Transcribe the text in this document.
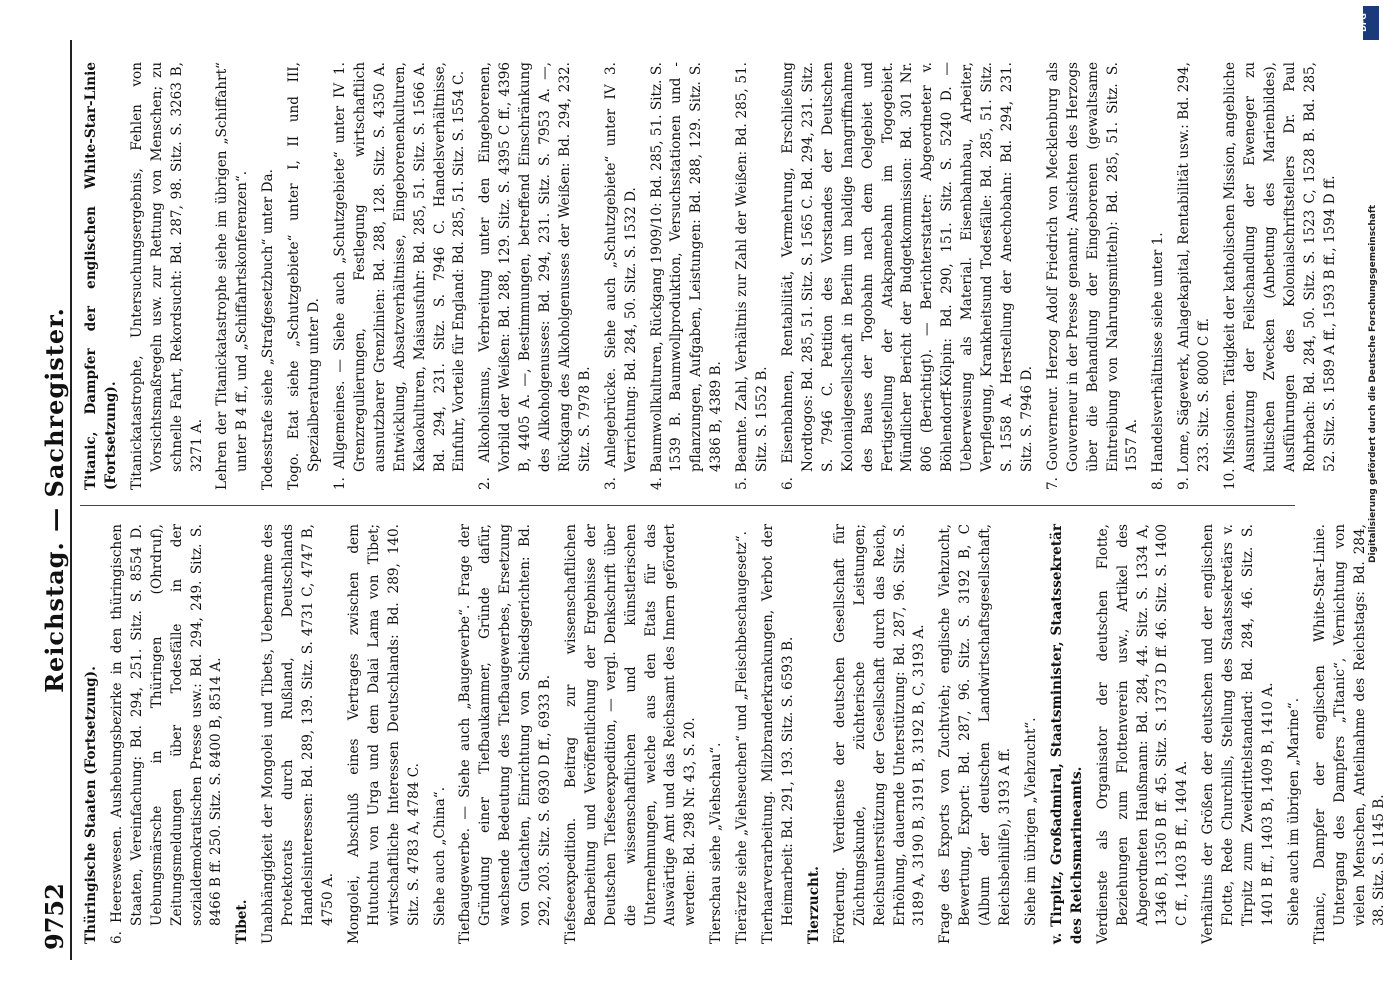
9752
Reichstag. — Sachregister.

Thüringische Staaten (Fortsetzung). 6. Heereswesen. Aushebungsbezirke in den thüringischen Staaten, Vereinfachung: Bd. 294, 251. Sitz. S. 8554 D. Uebungsmärsche in Thüringen (Ohrdruf), Zeitungsmeldungen über Todesfälle in der sozialdemokratischen Presse usw.: Bd. 294, 249. Sitz. S. 8466 B ff. 250. Sitz. S. 8400 B, 8514 A. Tibet. Unabhängigkeit der Mongolei und Tibets, Uebernahme des Protektorats durch Rußland, Deutschlands Handelsinteressen: Bd. 289, 139. Sitz. S. 4731 C, 4747 B, 4750 A. Mongolei, Abschluß eines Vertrages zwischen dem Hutuchtu von Urga und dem Dalai Lama von Tibet; wirtschaftliche Interessen Deutschlands: Bd. 289, 140. Sitz. S. 4783 A, 4784 C. Siehe auch „China“. Tiefbaugewerbe. — Siehe auch „Baugewerbe“. Frage der Gründung einer Tiefbaukammer, Gründe dafür, wachsende Bedeutung des Tiefbaugewerbes, Ersetzung von Gutachten, Einrichtung von Schiedsgerichten: Bd. 292, 203. Sitz. S. 6930 D ff., 6933 B. Tiefseeexpedition. Beitrag zur wissenschaftlichen Bearbeitung und Veröffentlichung der Ergebnisse der Deutschen Tiefseeexpedition, — vergl. Denkschrift über die wissenschaftlichen und künstlerischen Unternehmungen, welche aus den Etats für das Auswärtige Amt und das Reichsamt des Innern gefördert werden: Bd. 298 Nr. 43, S. 20. Tierschau siehe „Viehschau“. Tierärzte siehe „Viehseuchen“ und „Fleischbeschaugesetz“. Tierhaarverarbeitung. Milzbranderkrankungen, Verbot der Heimarbeit: Bd. 291, 193. Sitz. S. 6593 B. Tierzucht. Förderung. Verdienste der deutschen Gesellschaft für Züchtungskunde, züchterische Leistungen; Reichsunterstützung der Gesellschaft durch das Reich, Erhöhung, dauernde Unterstützung: Bd. 287, 96. Sitz. S. 3189 A, 3190 B, 3191 B, 3192 B, C, 3193 A. Frage des Exports von Zuchtvieh; englische Viehzucht, Bewertung, Export: Bd. 287, 96. Sitz. S. 3192 B, C (Album der deutschen Landwirtschaftsgesellschaft, Reichsbeihilfe), 3193 A ff. Siehe im übrigen „Viehzucht“. v. Tirpitz, Großadmiral, Staatsminister, Staatssekretär des Reichsmarineamts. Verdienste als Organisator der deutschen Flotte, Beziehungen zum Flottenverein usw., Artikel des Abgeordneten Haußmann: Bd. 284, 44. Sitz. S. 1334 A, 1346 B, 1350 B ff. 45. Sitz. S. 1373 D ff. 46. Sitz. S. 1400 C ff., 1403 B ff., 1404 A. Verhältnis der Größen der deutschen und der englischen Flotte, Rede Churchills, Stellung des Staatssekretärs v. Tirpitz zum Zweidrittelstandard: Bd. 284, 46. Sitz. S. 1401 B ff., 1403 B, 1409 B, 1410 A. Siehe auch im übrigen „Marine“. Titanic, Dampfer der englischen White-Star-Linie. Untergang des Dampfers „Titanic“, Vernichtung von vielen Menschen, Anteilnahme des Reichstags: Bd. 284, 38. Sitz. S. 1145 B.

Titanic, Dampfer der englischen White-Star-Linie (Fortsetzung). Titanickatastrophe, Untersuchungsergebnis, Fehlen von Vorsichtsmaßregeln usw. zur Rettung von Menschen; zu schnelle Fahrt, Rekordsucht: Bd. 287, 98. Sitz. S. 3263 B, 3271 A. Lehren der Titanickatastrophe siehe im übrigen „Schiffahrt“ unter B 4 ff., und „Schiffahrtskonferenzen“. Todesstrafe siehe „Strafgesetzbuch“ unter Da. Togo. Etat siehe „Schutzgebiete“ unter I, II und III, Spezialberatung unter D. 1. Allgemeines. — Siehe auch „Schutzgebiete“ unter IV 1. Grenzregulierungen, Festlegung wirtschaftlich ausnutzbarer Grenzlinien: Bd. 288, 128. Sitz. S. 4350 A. Entwicklung, Absatzverhältnisse, Eingeborenenkulturen, Kakaokulturen, Maisausfuhr: Bd. 285, 51. Sitz. S. 1566 A. Bd. 294, 231. Sitz. S. 7946 C. Handelsverhältnisse, Einfuhr, Vorteile für England: Bd. 285, 51. Sitz. S. 1554 C. 2. Alkoholismus, Verbreitung unter den Eingeborenen, Vorbild der Weißen: Bd. 288, 129. Sitz. S. 4395 C ff., 4396 B, 4405 A. —, Bestimmungen, betreffend Einschränkung des Alkoholgenusses: Bd. 294, 231. Sitz. S. 7953 A. —, Rückgang des Alkoholgenusses der Weißen: Bd. 294, 232. Sitz. S. 7978 B. 3. Anlegebrücke. Siehe auch „Schutzgebiete“ unter IV 3. Verrichtung: Bd. 284, 50. Sitz. S. 1532 D. 4. Baumwollkulturen, Rückgang 1909/10: Bd. 285, 51. Sitz. S. 1539 B. Baumwollproduktion, Versuchsstationen und -pflanzungen, Aufgaben, Leistungen: Bd. 288, 129. Sitz. S. 4386 B, 4389 B. 5. Beamte. Zahl, Verhältnis zur Zahl der Weißen: Bd. 285, 51. Sitz. S. 1552 B. 6. Eisenbahnen, Rentabilität, Vermehrung, Erschließung Nordtogos: Bd. 285, 51. Sitz. S. 1565 C. Bd. 294, 231. Sitz. S. 7946 C. Petition des Vorstandes der Deutschen Kolonialgesellschaft in Berlin um baldige Inangriffnahme des Baues der Togobahn nach dem Oelgebiet und Fertigstellung der Atakpamebahn im Togogebiet. Mündlicher Bericht der Budgetkommission: Bd. 301 Nr. 806 (Berichtigt). — Berichterstatter: Abgeordneter v. Böhlendorff-Kölpin: Bd. 290, 151. Sitz. S. 5240 D. — Ueberweisung als Material. Eisenbahnbau, Arbeiter, Verpflegung, Krankheitsund Todesfälle: Bd. 285, 51. Sitz. S. 1558 A. Herstellung der Anechobahn: Bd. 294, 231. Sitz. S. 7946 D. 7. Gouverneur. Herzog Adolf Friedrich von Mecklenburg als Gouverneur in der Presse genannt; Ansichten des Herzogs über die Behandlung der Eingeborenen (gewaltsame Eintreibung von Nahrungsmitteln): Bd. 285, 51. Sitz. S. 1557 A. 8. Handelsverhältnisse siehe unter 1. 9. Lome, Sägewerk, Anlagekapital, Rentabilität usw.: Bd. 294, 233. Sitz. S. 8000 C ff. 10. Missionen. Tätigkeit der katholischen Mission, angebliche Ausnutzung der Feilschandlung der Eweneger zu kultischen Zwecken (Anbetung des Marienbildes), Ausführungen des Kolonialschriftstellers Dr. Paul Rohrbach: Bd. 284, 50. Sitz. S. 1523 C, 1528 B. Bd. 285, 52. Sitz. S. 1589 A ff., 1593 B ff., 1594 D ff.	Digitalisierung gefördert durch die Deutsche Forschungsgemeinschaft
DFG
